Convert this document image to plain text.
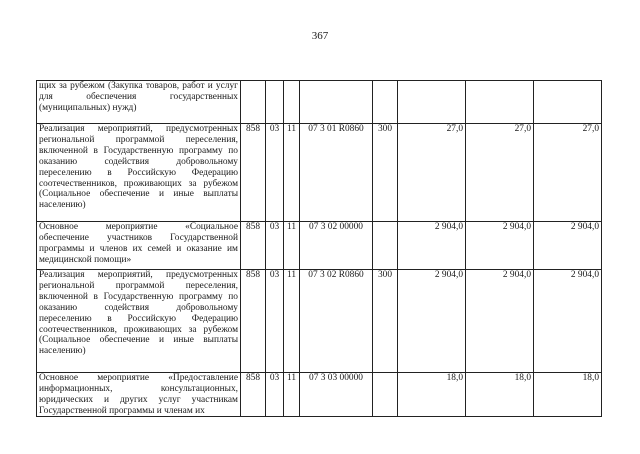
367
щих за рубежом (Закупка товаров, работ и услуг для обеспечения государственных (муниципальных) нужд)								
Реализация мероприятий, предусмотренных региональной программой переселения, включенной в Государственную программу по оказанию содействия добровольному переселению в Российскую Федерацию соотечественников, проживающих за рубежом (Социальное обеспечение и иные выплаты населению)	858	03	11	07 3 01 R0860	300	27,0	27,0	27,0
Основное мероприятие «Социальное обеспечение участников Государственной программы и членов их семей и оказание им медицинской помощи»	858	03	11	07 3 02 00000		2 904,0	2 904,0	2 904,0
Реализация мероприятий, предусмотренных региональной программой переселения, включенной в Государственную программу по оказанию содействия добровольному переселению в Российскую Федерацию соотечественников, проживающих за рубежом (Социальное обеспечение и иные выплаты населению)	858	03	11	07 3 02 R0860	300	2 904,0	2 904,0	2 904,0

Основное мероприятие «Предоставление информационных, консультационных, юридических и других услуг участникам Государственной программы и членам их	858	03	11	07 3 03 00000		18,0	18,0	18,0
